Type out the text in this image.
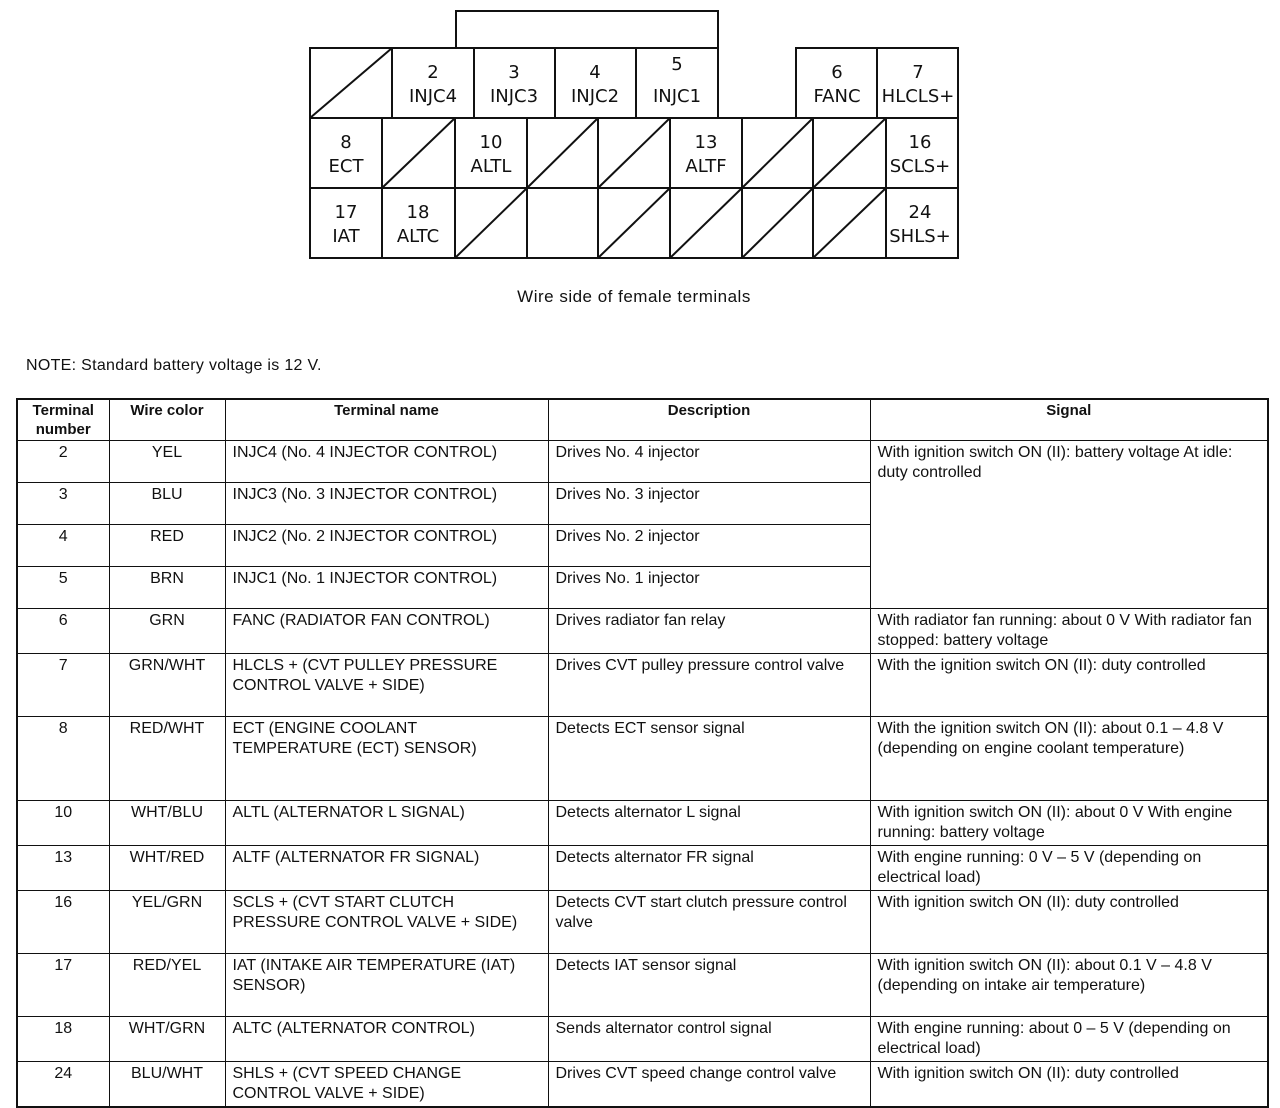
2
INJC4
3
INJC3
4
INJC2
5
INJC1
6
FANC
7
HLCLS+
8
ECT
10
ALTL
13
ALTF
16
SCLS+
17
IAT
18
ALTC
24
SHLS+
Wire side of female terminals
NOTE: Standard battery voltage is 12 V.
Terminal number	Wire color	Terminal name	Description	Signal
2	YEL	INJC4 (No. 4 INJECTOR CONTROL)	Drives No. 4 injector	With ignition switch ON (II): battery voltage At idle: duty controlled
3	BLU	INJC3 (No. 3 INJECTOR CONTROL)	Drives No. 3 injector	
4	RED	INJC2 (No. 2 INJECTOR CONTROL)	Drives No. 2 injector	
5	BRN	INJC1 (No. 1 INJECTOR CONTROL)	Drives No. 1 injector	
6	GRN	FANC (RADIATOR FAN CONTROL)	Drives radiator fan relay	With radiator fan running: about 0 V With radiator fan stopped: battery voltage
7	GRN/WHT	HLCLS + (CVT PULLEY PRESSURE CONTROL VALVE + SIDE)	Drives CVT pulley pressure control valve	With the ignition switch ON (II): duty controlled
8	RED/WHT	ECT (ENGINE COOLANT TEMPERATURE (ECT) SENSOR)	Detects ECT sensor signal	With the ignition switch ON (II): about 0.1 – 4.8 V (depending on engine coolant temperature)
10	WHT/BLU	ALTL (ALTERNATOR L SIGNAL)	Detects alternator L signal	With ignition switch ON (II): about 0 V With engine running: battery voltage
13	WHT/RED	ALTF (ALTERNATOR FR SIGNAL)	Detects alternator FR signal	With engine running: 0 V – 5 V (depending on electrical load)
16	YEL/GRN	SCLS + (CVT START CLUTCH PRESSURE CONTROL VALVE + SIDE)	Detects CVT start clutch pressure control valve	With ignition switch ON (II): duty controlled
17	RED/YEL	IAT (INTAKE AIR TEMPERATURE (IAT) SENSOR)	Detects IAT sensor signal	With ignition switch ON (II): about 0.1 V – 4.8 V (depending on intake air temperature)
18	WHT/GRN	ALTC (ALTERNATOR CONTROL)	Sends alternator control signal	With engine running: about 0 – 5 V (depending on electrical load)
24	BLU/WHT	SHLS + (CVT SPEED CHANGE CONTROL VALVE + SIDE)	Drives CVT speed change control valve	With ignition switch ON (II): duty controlled
